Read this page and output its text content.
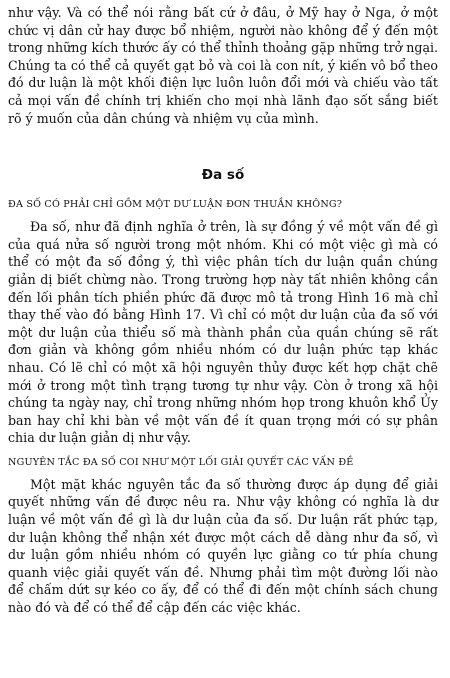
như vậy. Và có thể nói rằng bất cứ ở đâu, ở Mỹ hay ở Nga, ở một chức vị dân cử hay được bổ nhiệm, người nào không để ý đến một trong những kích thước ấy có thể thỉnh thoảng gặp những trở ngại. Chúng ta có thể cả quyết gạt bỏ và coi là con nít, ý kiến vô bổ theo đó dư luận là một khối điện lực luôn luôn đổi mới và chiếu vào tất cả mọi vấn đề chính trị khiến cho mọi nhà lãnh đạo sốt sắng biết rõ ý muốn của dân chúng và nhiệm vụ của mình.

Đa số
ĐA SỐ CÓ PHẢI CHỈ GỒM MỘT DƯ LUẬN ĐƠN THUẦN KHÔNG?

Đa số, như đã định nghĩa ở trên, là sự đồng ý về một vấn đề gì của quá nửa số người trong một nhóm. Khi có một việc gì mà có thể có một đa số đồng ý, thì việc phân tích dư luận quần chúng giản dị biết chừng nào. Trong trường hợp này tất nhiên không cần đến lối phân tích phiền phức đã được mô tả trong Hình 16 mà chỉ thay thế vào đó bằng Hình 17. Vì chỉ có một dư luận của đa số với một dư luận của thiểu số mà thành phần của quần chúng sẽ rất đơn giản và không gồm nhiều nhóm có dư luận phức tạp khác nhau. Có lẽ chỉ có một xã hội nguyên thủy được kết hợp chặt chẽ mới ở trong một tình trạng tương tự như vậy. Còn ở trong xã hội chúng ta ngày nay, chỉ trong những nhóm họp trong khuôn khổ Ủy ban hay chỉ khi bàn về một vấn đề ít quan trọng mới có sự phân chia dư luận giản dị như vậy.

NGUYÊN TẮC ĐA SỐ COI NHƯ MỘT LỐI GIẢI QUYẾT CÁC VẤN ĐỀ

Một mặt khác nguyên tắc đa số thường được áp dụng để giải quyết những vấn đề được nêu ra. Như vậy không có nghĩa là dư luận về một vấn đề gì là dư luận của đa số. Dư luận rất phức tạp, dư luận không thể nhận xét được một cách dễ dàng như đa số, vì dư luận gồm nhiều nhóm có quyền lực giằng co tứ phía chung quanh việc giải quyết vấn đề. Nhưng phải tìm một đường lối nào để chấm dứt sự kéo co ấy, để có thể đi đến một chính sách chung nào đó và để có thể để cập đến các việc khác.
